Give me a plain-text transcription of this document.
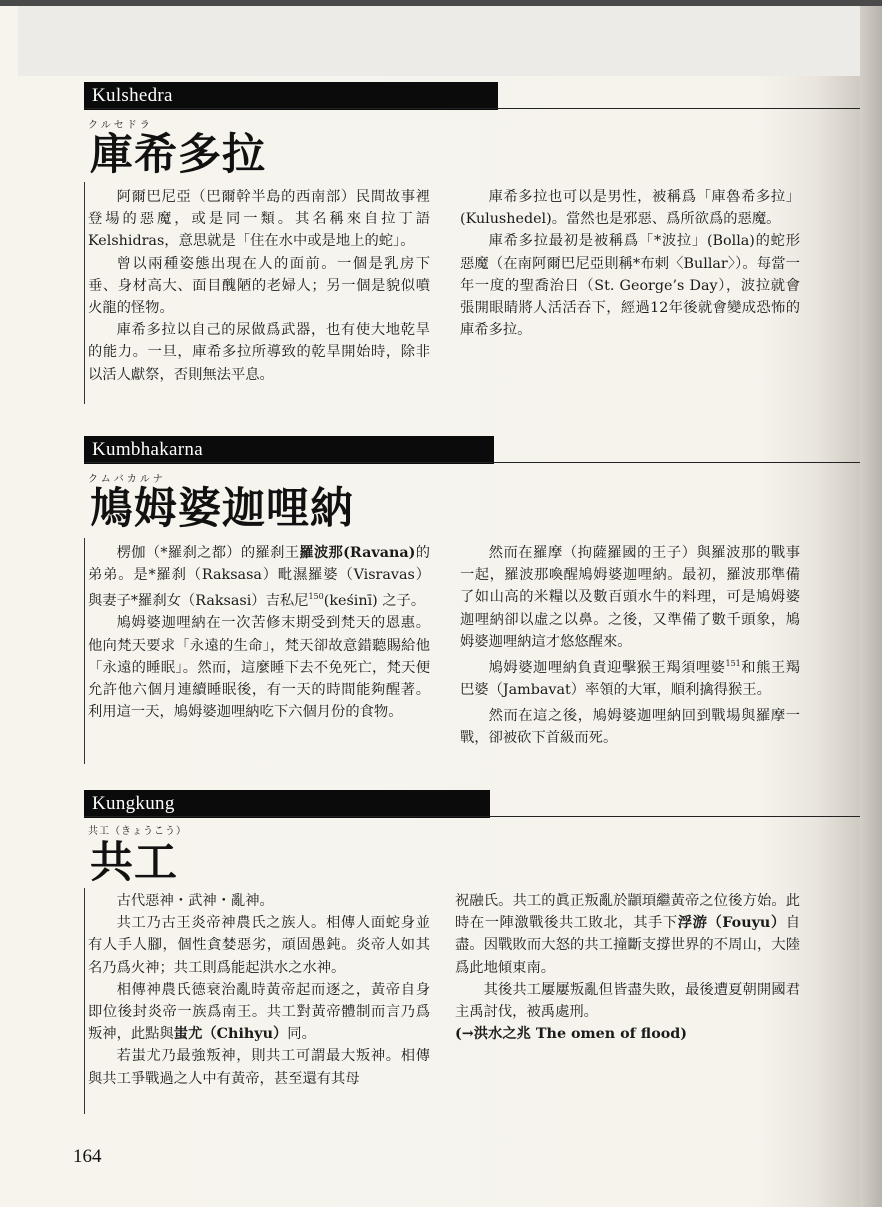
Kulshedra
クルセドラ
庫希多拉

阿爾巴尼亞（巴爾幹半島的西南部）民間故事裡登場的惡魔，或是同一類。其名稱來自拉丁語Kelshidras，意思就是「住在水中或是地上的蛇」。

曾以兩種姿態出現在人的面前。一個是乳房下垂、身材高大、面目醜陋的老婦人；另一個是貌似噴火龍的怪物。

庫希多拉以自己的尿做爲武器，也有使大地乾旱的能力。一旦，庫希多拉所導致的乾旱開始時，除非以活人獻祭，否則無法平息。

庫希多拉也可以是男性，被稱爲「庫魯希多拉」(Kulushedel)。當然也是邪惡、爲所欲爲的惡魔。

庫希多拉最初是被稱爲「*波拉」(Bolla)的蛇形惡魔（在南阿爾巴尼亞則稱*布剌〈Bullar〉）。每當一年一度的聖喬治日（St. George’s Day），波拉就會張開眼睛將人活活吞下，經過12年後就會變成恐怖的庫希多拉。

Kumbhakarna
クムバカルナ
鳩姆婆迦哩納

楞伽（*羅刹之都）的羅刹王羅波那(Ravana)的弟弟。是*羅刹（Raksasa）毗濕羅婆（Visravas）與妻子*羅刹女（Raksasi）吉私尼$^{150}$(keśinī) 之子。

鳩姆婆迦哩納在一次苦修末期受到梵天的恩惠。他向梵天要求「永遠的生命」，梵天卻故意錯聽賜給他「永遠的睡眠」。然而，這麼睡下去不免死亡，梵天便允許他六個月連續睡眠後，有一天的時間能夠醒著。利用這一天，鳩姆婆迦哩納吃下六個月份的食物。

然而在羅摩（拘薩羅國的王子）與羅波那的戰事一起，羅波那喚醒鳩姆婆迦哩納。最初，羅波那準備了如山高的米糧以及數百頭水牛的料理，可是鳩姆婆迦哩納卻以虛之以鼻。之後，又準備了數千頭象，鳩姆婆迦哩納這才悠悠醒來。

鳩姆婆迦哩納負責迎擊猴王羯須哩婆$^{151}$和熊王羯巴婆（Jambavat）率領的大軍，順利擒得猴王。

然而在這之後，鳩姆婆迦哩納回到戰場與羅摩一戰，卻被砍下首級而死。

Kungkung
共工（きょうこう）
共工

古代惡神・武神・亂神。

共工乃古王炎帝神農氏之族人。相傳人面蛇身並有人手人腳，個性貪婪惡劣，頑固愚鈍。炎帝人如其名乃爲火神；共工則爲能起洪水之水神。

相傳神農氏德衰治亂時黃帝起而逐之，黃帝自身即位後封炎帝一族爲南王。共工對黃帝體制而言乃爲叛神，此點與蚩尤（Chihyu）同。

若蚩尤乃最強叛神，則共工可謂最大叛神。相傳與共工爭戰過之人中有黃帝，甚至還有其母

祝融氏。共工的眞正叛亂於顓頊繼黃帝之位後方始。此時在一陣激戰後共工敗北，其手下浮游（Fouyu）自盡。因戰敗而大怒的共工撞斷支撐世界的不周山，大陸爲此地傾東南。

其後共工屢屢叛亂但皆盡失敗，最後遭夏朝開國君主禹討伐，被禹處刑。

(→洪水之兆 The omen of flood)

164
